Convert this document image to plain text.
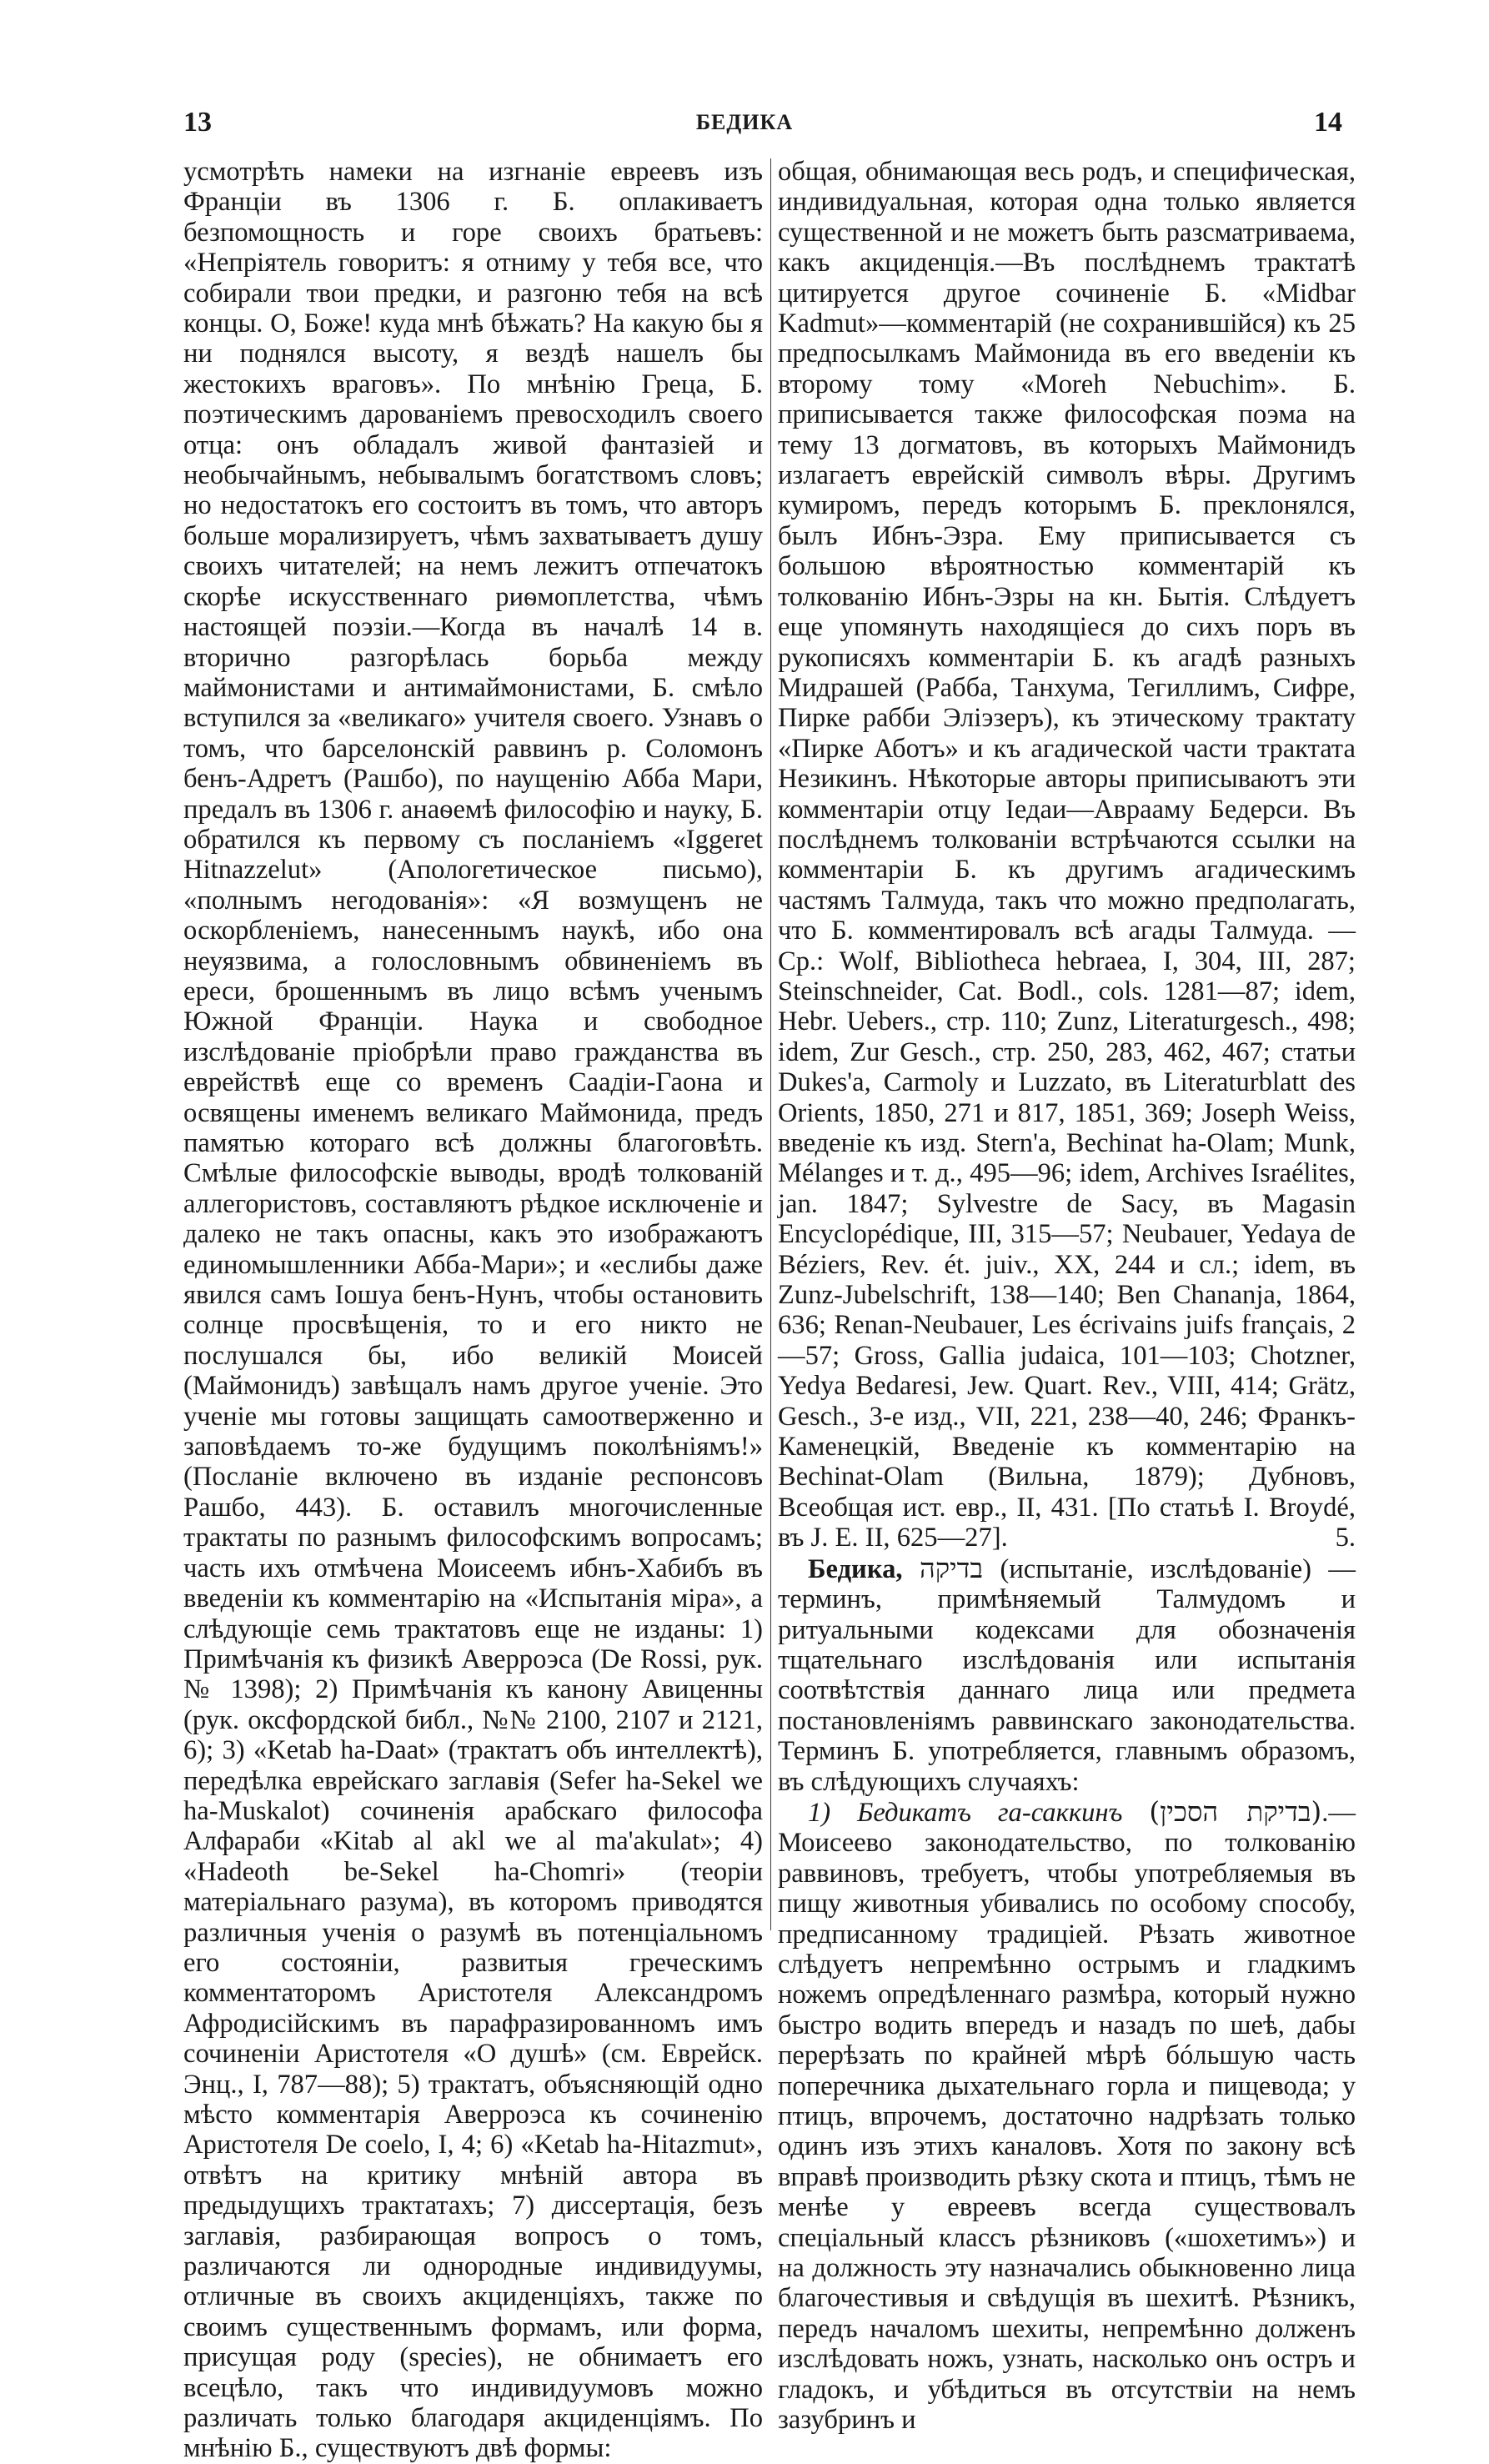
13	БЕДИКА	14

усмотрѣть намеки на изгнаніе евреевъ изъ Франціи въ 1306 г. Б. оплакиваетъ безпомощность и горе своихъ братьевъ: «Непріятель говоритъ: я отниму у тебя все, что собирали твои предки, и разгоню тебя на всѣ концы. О, Боже! куда мнѣ бѣжать? На какую бы я ни поднялся высоту, я вездѣ нашелъ бы жестокихъ враговъ». По мнѣнію Греца, Б. поэтическимъ дарованіемъ превосходилъ своего отца: онъ обладалъ живой фантазіей и необычайнымъ, небывалымъ богатствомъ словъ; но недостатокъ его состоитъ въ томъ, что авторъ больше морализируетъ, чѣмъ захватываетъ душу своихъ читателей; на немъ лежитъ отпечатокъ скорѣе искусственнаго риѳмоплетства, чѣмъ настоящей поэзіи.—Когда въ началѣ 14 в. вторично разгорѣлась борьба между маймонистами и антимаймонистами, Б. смѣло вступился за «великаго» учителя своего. Узнавъ о томъ, что барселонскій раввинъ р. Соломонъ бенъ-Адретъ (Рашбо), по наущенію Абба Мари, предалъ въ 1306 г. анаѳемѣ философію и науку, Б. обратился къ первому съ посланіемъ «Iggeret Hitnazzelut» (Апологетическое письмо), «полнымъ негодованія»: «Я возмущенъ не оскорбленіемъ, нанесеннымъ наукѣ, ибо она неуязвима, а голословнымъ обвиненіемъ въ ереси, брошеннымъ въ лицо всѣмъ ученымъ Южной Франціи. Наука и свободное изслѣдованіе пріобрѣли право гражданства въ еврействѣ еще со временъ Саадіи-Гаона и освящены именемъ великаго Маймонида, предъ памятью котораго всѣ должны благоговѣть. Смѣлые философскіе выводы, вродѣ толкованій аллегористовъ, составляютъ рѣдкое исключеніе и далеко не такъ опасны, какъ это изображаютъ единомышленники Абба-Мари»; и «еслибы даже явился самъ Іошуа бенъ-Нунъ, чтобы остановить солнце просвѣщенія, то и его никто не послушался бы, ибо великій Моисей (Маймонидъ) завѣщалъ намъ другое ученіе. Это ученіе мы готовы защищать самоотверженно и заповѣдаемъ то-же будущимъ поколѣніямъ!» (Посланіе включено въ изданіе респонсовъ Рашбо, 443). Б. оставилъ многочисленные трактаты по разнымъ философскимъ вопросамъ; часть ихъ отмѣчена Моисеемъ ибнъ-Хабибъ въ введеніи къ комментарію на «Испытанія міра», а слѣдующіе семь трактатовъ еще не изданы: 1) Примѣчанія къ физикѣ Аверроэса (De Rossi, рук. № 1398); 2) Примѣчанія къ канону Авиценны (рук. оксфордской библ., №№ 2100, 2107 и 2121, 6); 3) «Ketab ha-Daat» (трактатъ объ интеллектѣ), передѣлка еврейскаго заглавія (Sefer ha-Sekel we ha-Muskalot) сочиненія арабскаго философа Алфараби «Kitab al akl we al ma'akulat»; 4) «Hadeoth be-Sekel ha-Chomri» (теоріи матеріальнаго разума), въ которомъ приводятся различныя ученія о разумѣ въ потенціальномъ его состояніи, развитыя греческимъ комментаторомъ Аристотеля Александромъ Афродисійскимъ въ парафразированномъ имъ сочиненіи Аристотеля «О душѣ» (см. Еврейск. Энц., I, 787—88); 5) трактатъ, объясняющій одно мѣсто комментарія Аверроэса къ сочиненію Аристотеля De coelo, I, 4; 6) «Ketab ha-Hitazmut», отвѣтъ на критику мнѣній автора въ предыдущихъ трактатахъ; 7) диссертація, безъ заглавія, разбирающая вопросъ о томъ, различаются ли однородные индивидуумы, отличные въ своихъ акциденціяхъ, также по своимъ существеннымъ формамъ, или форма, присущая роду (species), не обнимаетъ его всецѣло, такъ что индивидуумовъ можно различать только благодаря акциденціямъ. По мнѣнію Б., существуютъ двѣ формы:

общая, обнимающая весь родъ, и специфическая, индивидуальная, которая одна только является существенной и не можетъ быть разсматриваема, какъ акциденція.—Въ послѣднемъ трактатѣ цитируется другое сочиненіе Б. «Midbar Kadmut»—комментарій (не сохранившійся) къ 25 предпосылкамъ Маймонида въ его введеніи къ второму тому «Moreh Nebuchim». Б. приписывается также философская поэма на тему 13 догматовъ, въ которыхъ Маймонидъ излагаетъ еврейскій символъ вѣры. Другимъ кумиромъ, передъ которымъ Б. преклонялся, былъ Ибнъ-Эзра. Ему приписывается съ большою вѣроятностью комментарій къ толкованію Ибнъ-Эзры на кн. Бытія. Слѣдуетъ еще упомянуть находящіеся до сихъ поръ въ рукописяхъ комментаріи Б. къ агадѣ разныхъ Мидрашей (Рабба, Танхума, Тегиллимъ, Сифре, Пирке рабби Эліэзеръ), къ этическому трактату «Пирке Аботъ» и къ агадической части трактата Незикинъ. Нѣкоторые авторы приписываютъ эти комментаріи отцу Іедаи—Аврааму Бедерси. Въ послѣднемъ толкованіи встрѣчаются ссылки на комментаріи Б. къ другимъ агадическимъ частямъ Талмуда, такъ что можно предполагать, что Б. комментировалъ всѣ агады Талмуда. — Cp.: Wolf, Bibliotheca hebraea, I, 304, III, 287; Steinschneider, Cat. Bodl., cols. 1281—87; idem, Hebr. Uebers., стр. 110; Zunz, Literaturgesch., 498; idem, Zur Gesch., стр. 250, 283, 462, 467; статьи Dukes'a, Carmoly и Luzzato, въ Literaturblatt des Orients, 1850, 271 и 817, 1851, 369; Joseph Weiss, введеніе къ изд. Stern'a, Bechinat ha-Olam; Munk, Mélanges и т. д., 495—96; idem, Archives Israélites, jan. 1847; Sylvestre de Sacy, въ Magasin Encyclopédique, III, 315—57; Neubauer, Yedaya de Béziers, Rev. ét. juiv., XX, 244 и сл.; idem, въ Zunz-Jubelschrift, 138—140; Ben Chananja, 1864, 636; Renan-Neubauer, Les écrivains juifs français, 2—57; Gross, Gallia judaica, 101—103; Chotzner, Yedya Bedaresi, Jew. Quart. Rev., VIII, 414; Grätz, Gesch., 3-е изд., VII, 221, 238—40, 246; Фрaнкъ-Каменецкій, Введеніе къ комментарію на Bechinat-Olam (Вильна, 1879); Дубновъ, Всеобщая ист. евр., II, 431. [По статьѣ I. Broydé, въ J. E. II, 625—27].	5.

Бедика, בדיקה (испытаніе, изслѣдованіе) — терминъ, примѣняемый Талмудомъ и ритуальными кодексами для обозначенія тщательнаго изслѣдованія или испытанія соотвѣтствія даннаго лица или предмета постановленіямъ раввинскаго законодательства. Терминъ Б. употребляется, главнымъ образомъ, въ слѣдующихъ случаяхъ:

1) Бедикатъ га-саккинъ (בדיקת הסכין).—Моисеево законодательство, по толкованію раввиновъ, требуетъ, чтобы употребляемыя въ пищу животныя убивались по особому способу, предписанному традиціей. Рѣзать животное слѣдуетъ непремѣнно острымъ и гладкимъ ножемъ опредѣленнаго размѣра, который нужно быстро водить впередъ и назадъ по шеѣ, дабы перерѣзать по крайней мѣрѣ бóльшую часть поперечника дыхательнаго горла и пищевода; у птицъ, впрочемъ, достаточно надрѣзать только одинъ изъ этихъ каналовъ. Хотя по закону всѣ вправѣ производить рѣзку скота и птицъ, тѣмъ не менѣе у евреевъ всегда существовалъ спеціальный классъ рѣзниковъ («шохетимъ») и на должность эту назначались обыкновенно лица благочестивыя и свѣдущія въ шехитѣ. Рѣзникъ, передъ началомъ шехиты, непремѣнно долженъ изслѣдовать ножъ, узнать, насколько онъ остръ и гладокъ, и убѣдиться въ отсутствіи на немъ зазубринъ и
